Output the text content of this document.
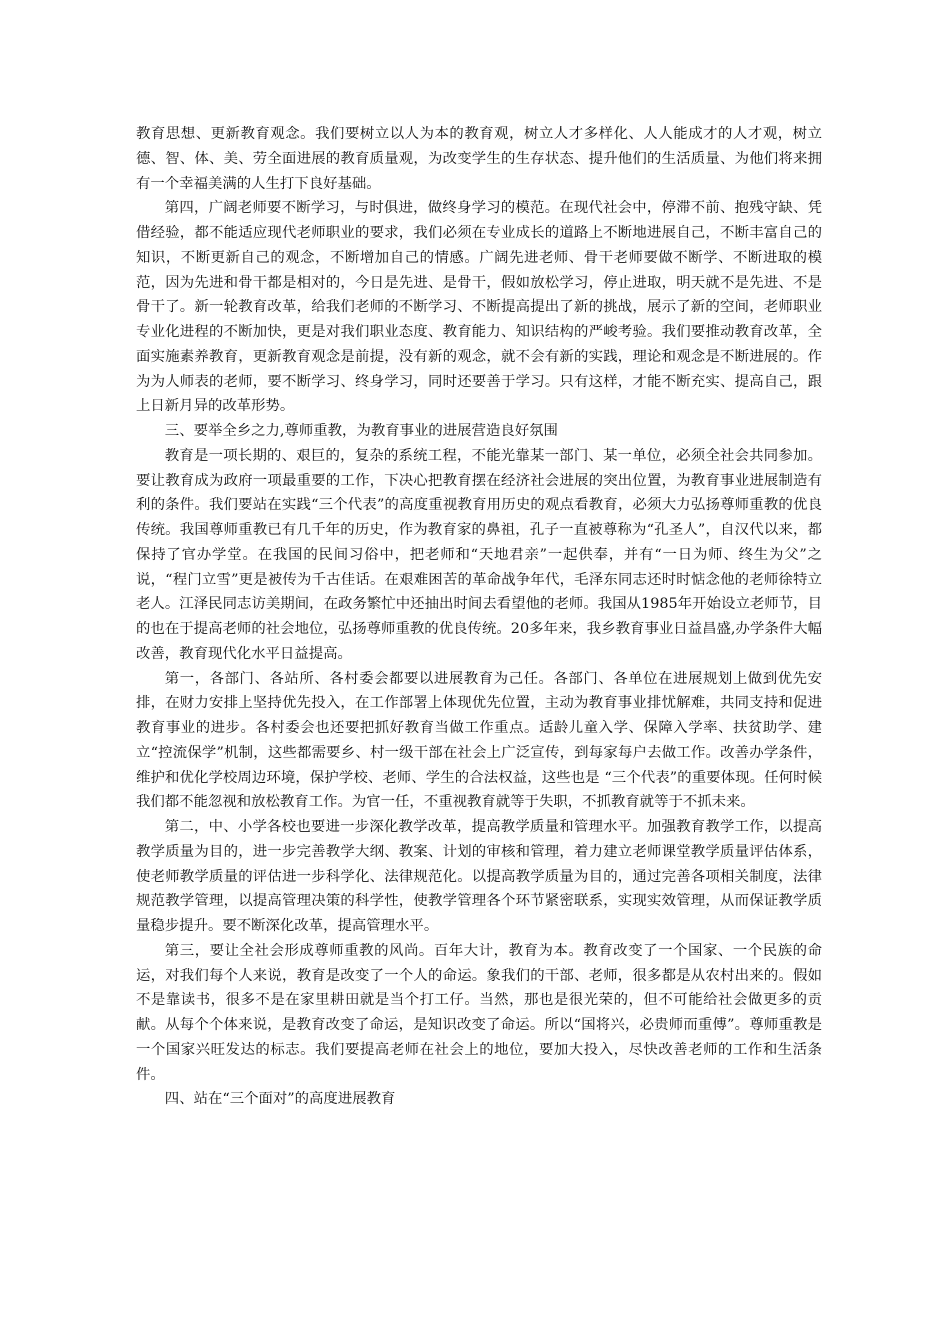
教育思想、更新教育观念。我们要树立以人为本的教育观，树立人才多样化、人人能成才的人才观，树立德、智、体、美、劳全面进展的教育质量观，为改变学生的生存状态、提升他们的生活质量、为他们将来拥有一个幸福美满的人生打下良好基础。

第四，广阔老师要不断学习，与时俱进，做终身学习的模范。在现代社会中，停滞不前、抱残守缺、凭借经验，都不能适应现代老师职业的要求，我们必须在专业成长的道路上不断地进展自己，不断丰富自己的知识，不断更新自己的观念，不断增加自己的情感。广阔先进老师、骨干老师要做不断学、不断进取的模范，因为先进和骨干都是相对的，今日是先进、是骨干，假如放松学习，停止进取，明天就不是先进、不是骨干了。新一轮教育改革，给我们老师的不断学习、不断提高提出了新的挑战，展示了新的空间，老师职业专业化进程的不断加快，更是对我们职业态度、教育能力、知识结构的严峻考验。我们要推动教育改革，全面实施素养教育，更新教育观念是前提，没有新的观念，就不会有新的实践，理论和观念是不断进展的。作为为人师表的老师，要不断学习、终身学习，同时还要善于学习。只有这样，才能不断充实、提高自己，跟上日新月异的改革形势。

三、要举全乡之力,尊师重教，为教育事业的进展营造良好氛围

教育是一项长期的、艰巨的，复杂的系统工程，不能光靠某一部门、某一单位，必须全社会共同参加。要让教育成为政府一项最重要的工作，下决心把教育摆在经济社会进展的突出位置，为教育事业进展制造有利的条件。我们要站在实践“三个代表”的高度重视教育用历史的观点看教育，必须大力弘扬尊师重教的优良传统。我国尊师重教已有几千年的历史，作为教育家的鼻祖，孔子一直被尊称为“孔圣人”，自汉代以来，都保持了官办学堂。在我国的民间习俗中，把老师和“天地君亲”一起供奉，并有“一日为师、终生为父”之说，“程门立雪”更是被传为千古佳话。在艰难困苦的革命战争年代，毛泽东同志还时时惦念他的老师徐特立老人。江泽民同志访美期间，在政务繁忙中还抽出时间去看望他的老师。我国从1985年开始设立老师节，目的也在于提高老师的社会地位，弘扬尊师重教的优良传统。20多年来，我乡教育事业日益昌盛,办学条件大幅改善，教育现代化水平日益提高。

第一，各部门、各站所、各村委会都要以进展教育为己任。各部门、各单位在进展规划上做到优先安排，在财力安排上坚持优先投入，在工作部署上体现优先位置，主动为教育事业排忧解难，共同支持和促进教育事业的进步。各村委会也还要把抓好教育当做工作重点。适龄儿童入学、保障入学率、扶贫助学、建立“控流保学”机制，这些都需要乡、村一级干部在社会上广泛宣传，到每家每户去做工作。改善办学条件，维护和优化学校周边环境，保护学校、老师、学生的合法权益，这些也是 “三个代表”的重要体现。任何时候我们都不能忽视和放松教育工作。为官一任，不重视教育就等于失职，不抓教育就等于不抓未来。

第二，中、小学各校也要进一步深化教学改革，提高教学质量和管理水平。加强教育教学工作，以提高教学质量为目的，进一步完善教学大纲、教案、计划的审核和管理，着力建立老师课堂教学质量评估体系，使老师教学质量的评估进一步科学化、法律规范化。以提高教学质量为目的，通过完善各项相关制度，法律规范教学管理，以提高管理决策的科学性，使教学管理各个环节紧密联系，实现实效管理，从而保证教学质量稳步提升。要不断深化改革，提高管理水平。

第三，要让全社会形成尊师重教的风尚。百年大计，教育为本。教育改变了一个国家、一个民族的命运，对我们每个人来说，教育是改变了一个人的命运。象我们的干部、老师，很多都是从农村出来的。假如不是靠读书，很多不是在家里耕田就是当个打工仔。当然，那也是很光荣的，但不可能给社会做更多的贡献。从每个个体来说，是教育改变了命运，是知识改变了命运。所以“国将兴，必贵师而重傅”。尊师重教是一个国家兴旺发达的标志。我们要提高老师在社会上的地位，要加大投入，尽快改善老师的工作和生活条件。

四、站在“三个面对”的高度进展教育
